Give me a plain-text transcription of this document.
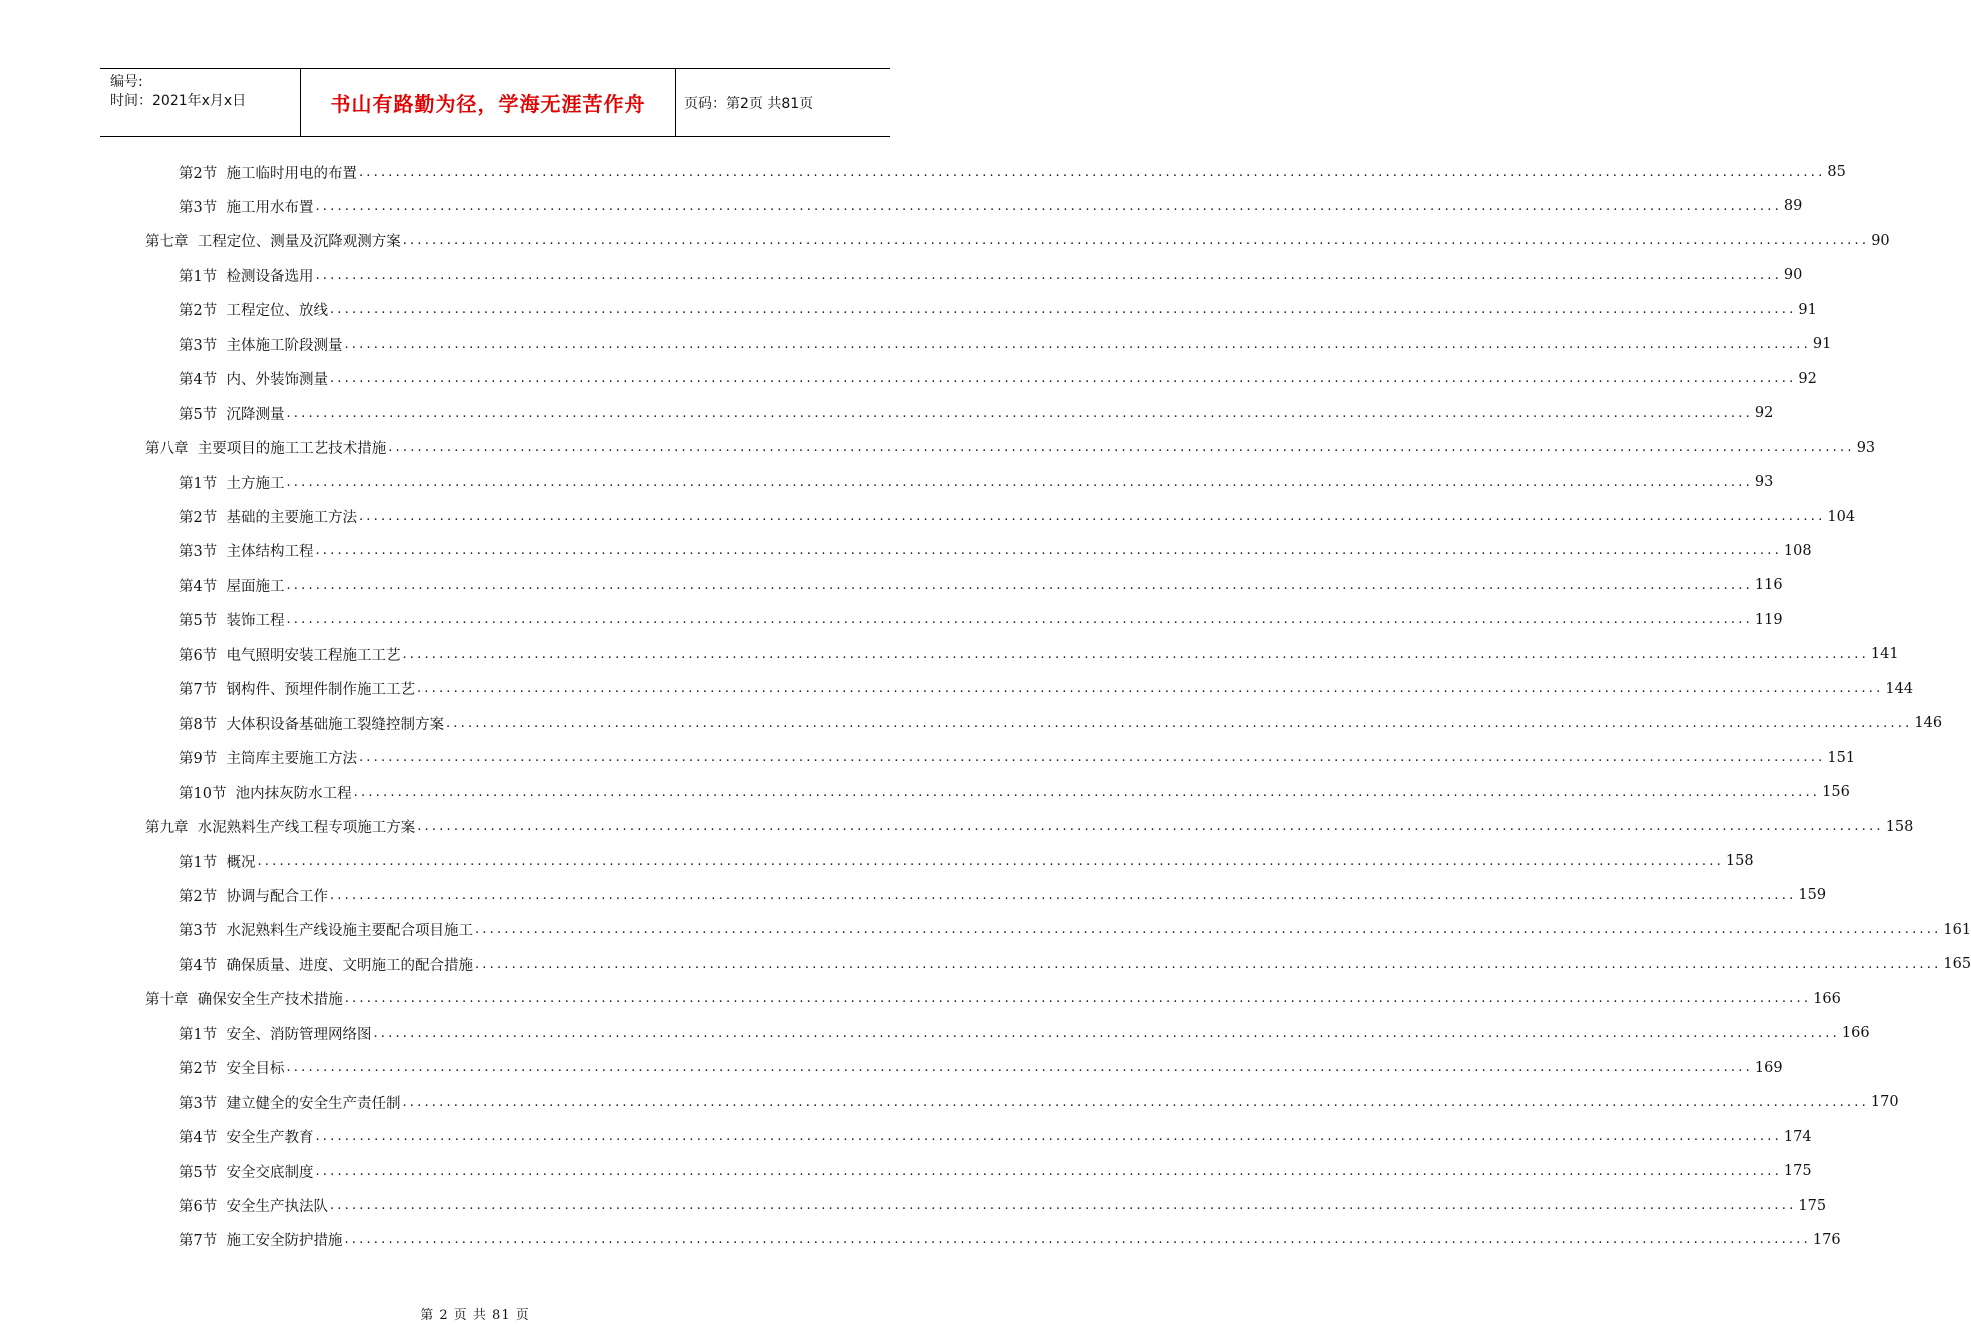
编号:
时间：2021年x月x日	书山有路勤为径，学海无涯苦作舟	页码：第2页 共81页
第2节  施工临时用电的布置 ........................................................................................................................................................................................................ 85
第3节  施工用水布置 ........................................................................................................................................................................................................ 89
第七章  工程定位、测量及沉降观测方案 ........................................................................................................................................................................................................ 90
第1节  检测设备选用 ........................................................................................................................................................................................................ 90
第2节  工程定位、放线 ........................................................................................................................................................................................................ 91
第3节  主体施工阶段测量 ........................................................................................................................................................................................................ 91
第4节  内、外装饰测量 ........................................................................................................................................................................................................ 92
第5节  沉降测量 ........................................................................................................................................................................................................ 92
第八章  主要项目的施工工艺技术措施 ........................................................................................................................................................................................................ 93
第1节  土方施工 ........................................................................................................................................................................................................ 93
第2节  基础的主要施工方法 ........................................................................................................................................................................................................ 104
第3节  主体结构工程 ........................................................................................................................................................................................................ 108
第4节  屋面施工 ........................................................................................................................................................................................................ 116
第5节  装饰工程 ........................................................................................................................................................................................................ 119
第6节  电气照明安装工程施工工艺 ........................................................................................................................................................................................................ 141
第7节  钢构件、预埋件制作施工工艺 ........................................................................................................................................................................................................ 144
第8节  大体积设备基础施工裂缝控制方案 ........................................................................................................................................................................................................ 146
第9节  主筒库主要施工方法 ........................................................................................................................................................................................................ 151
第10节  池内抹灰防水工程 ........................................................................................................................................................................................................ 156
第九章  水泥熟料生产线工程专项施工方案 ........................................................................................................................................................................................................ 158
第1节  概况 ........................................................................................................................................................................................................ 158
第2节  协调与配合工作 ........................................................................................................................................................................................................ 159
第3节  水泥熟料生产线设施主要配合项目施工 ........................................................................................................................................................................................................ 161
第4节  确保质量、进度、文明施工的配合措施 ........................................................................................................................................................................................................ 165
第十章  确保安全生产技术措施 ........................................................................................................................................................................................................ 166
第1节  安全、消防管理网络图 ........................................................................................................................................................................................................ 166
第2节  安全目标 ........................................................................................................................................................................................................ 169
第3节  建立健全的安全生产责任制 ........................................................................................................................................................................................................ 170
第4节  安全生产教育 ........................................................................................................................................................................................................ 174
第5节  安全交底制度 ........................................................................................................................................................................................................ 175
第6节  安全生产执法队 ........................................................................................................................................................................................................ 175
第7节  施工安全防护措施 ........................................................................................................................................................................................................ 176
第 2 页 共 81 页
